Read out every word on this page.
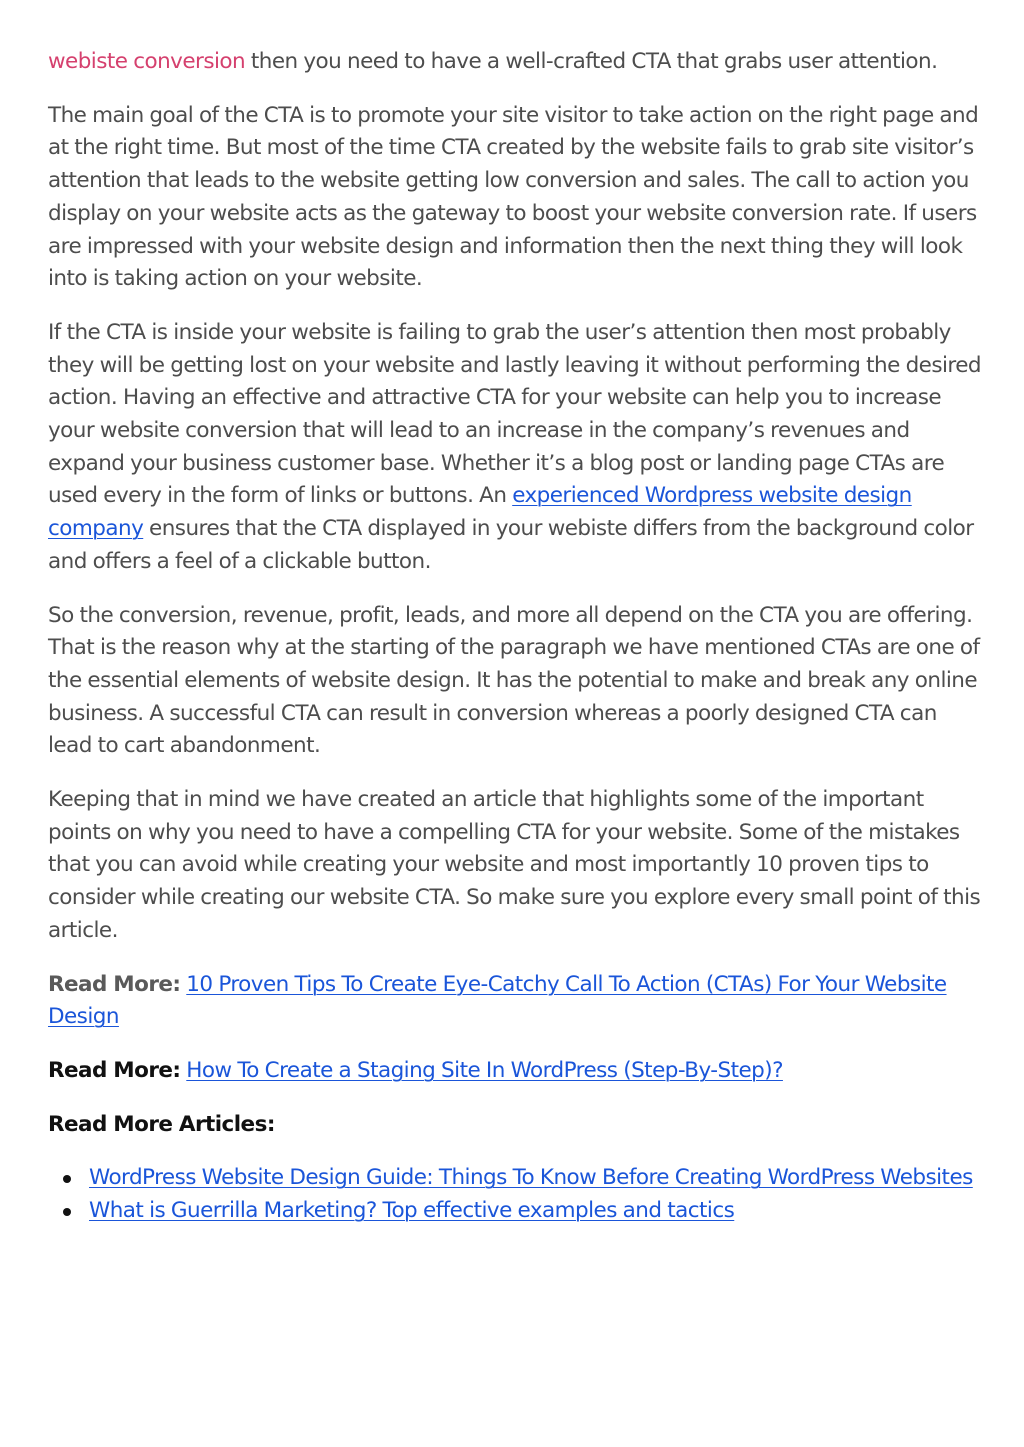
webiste conversion then you need to have a well-crafted CTA that grabs user attention.

The main goal of the CTA is to promote your site visitor to take action on the right page and at the right time. But most of the time CTA created by the website fails to grab site visitor’s attention that leads to the website getting low conversion and sales. The call to action you display on your website acts as the gateway to boost your website conversion rate. If users are impressed with your website design and information then the next thing they will look into is taking action on your website.

If the CTA is inside your website is failing to grab the user’s attention then most probably they will be getting lost on your website and lastly leaving it without performing the desired action. Having an effective and attractive CTA for your website can help you to increase your website conversion that will lead to an increase in the company’s revenues and expand your business customer base. Whether it’s a blog post or landing page CTAs are used every in the form of links or buttons. An experienced Wordpress website design company ensures that the CTA displayed in your webiste differs from the background color and offers a feel of a clickable button.

So the conversion, revenue, profit, leads, and more all depend on the CTA you are offering. That is the reason why at the starting of the paragraph we have mentioned CTAs are one of the essential elements of website design. It has the potential to make and break any online business. A successful CTA can result in conversion whereas a poorly designed CTA can lead to cart abandonment.

Keeping that in mind we have created an article that highlights some of the important points on why you need to have a compelling CTA for your website. Some of the mistakes that you can avoid while creating your website and most importantly 10 proven tips to consider while creating our website CTA. So make sure you explore every small point of this article.

Read More: 10 Proven Tips To Create Eye-Catchy Call To Action (CTAs) For Your Website Design
Read More: How To Create a Staging Site In WordPress (Step-By-Step)?
Read More Articles:
WordPress Website Design Guide: Things To Know Before Creating WordPress Websites
What is Guerrilla Marketing? Top effective examples and tactics
